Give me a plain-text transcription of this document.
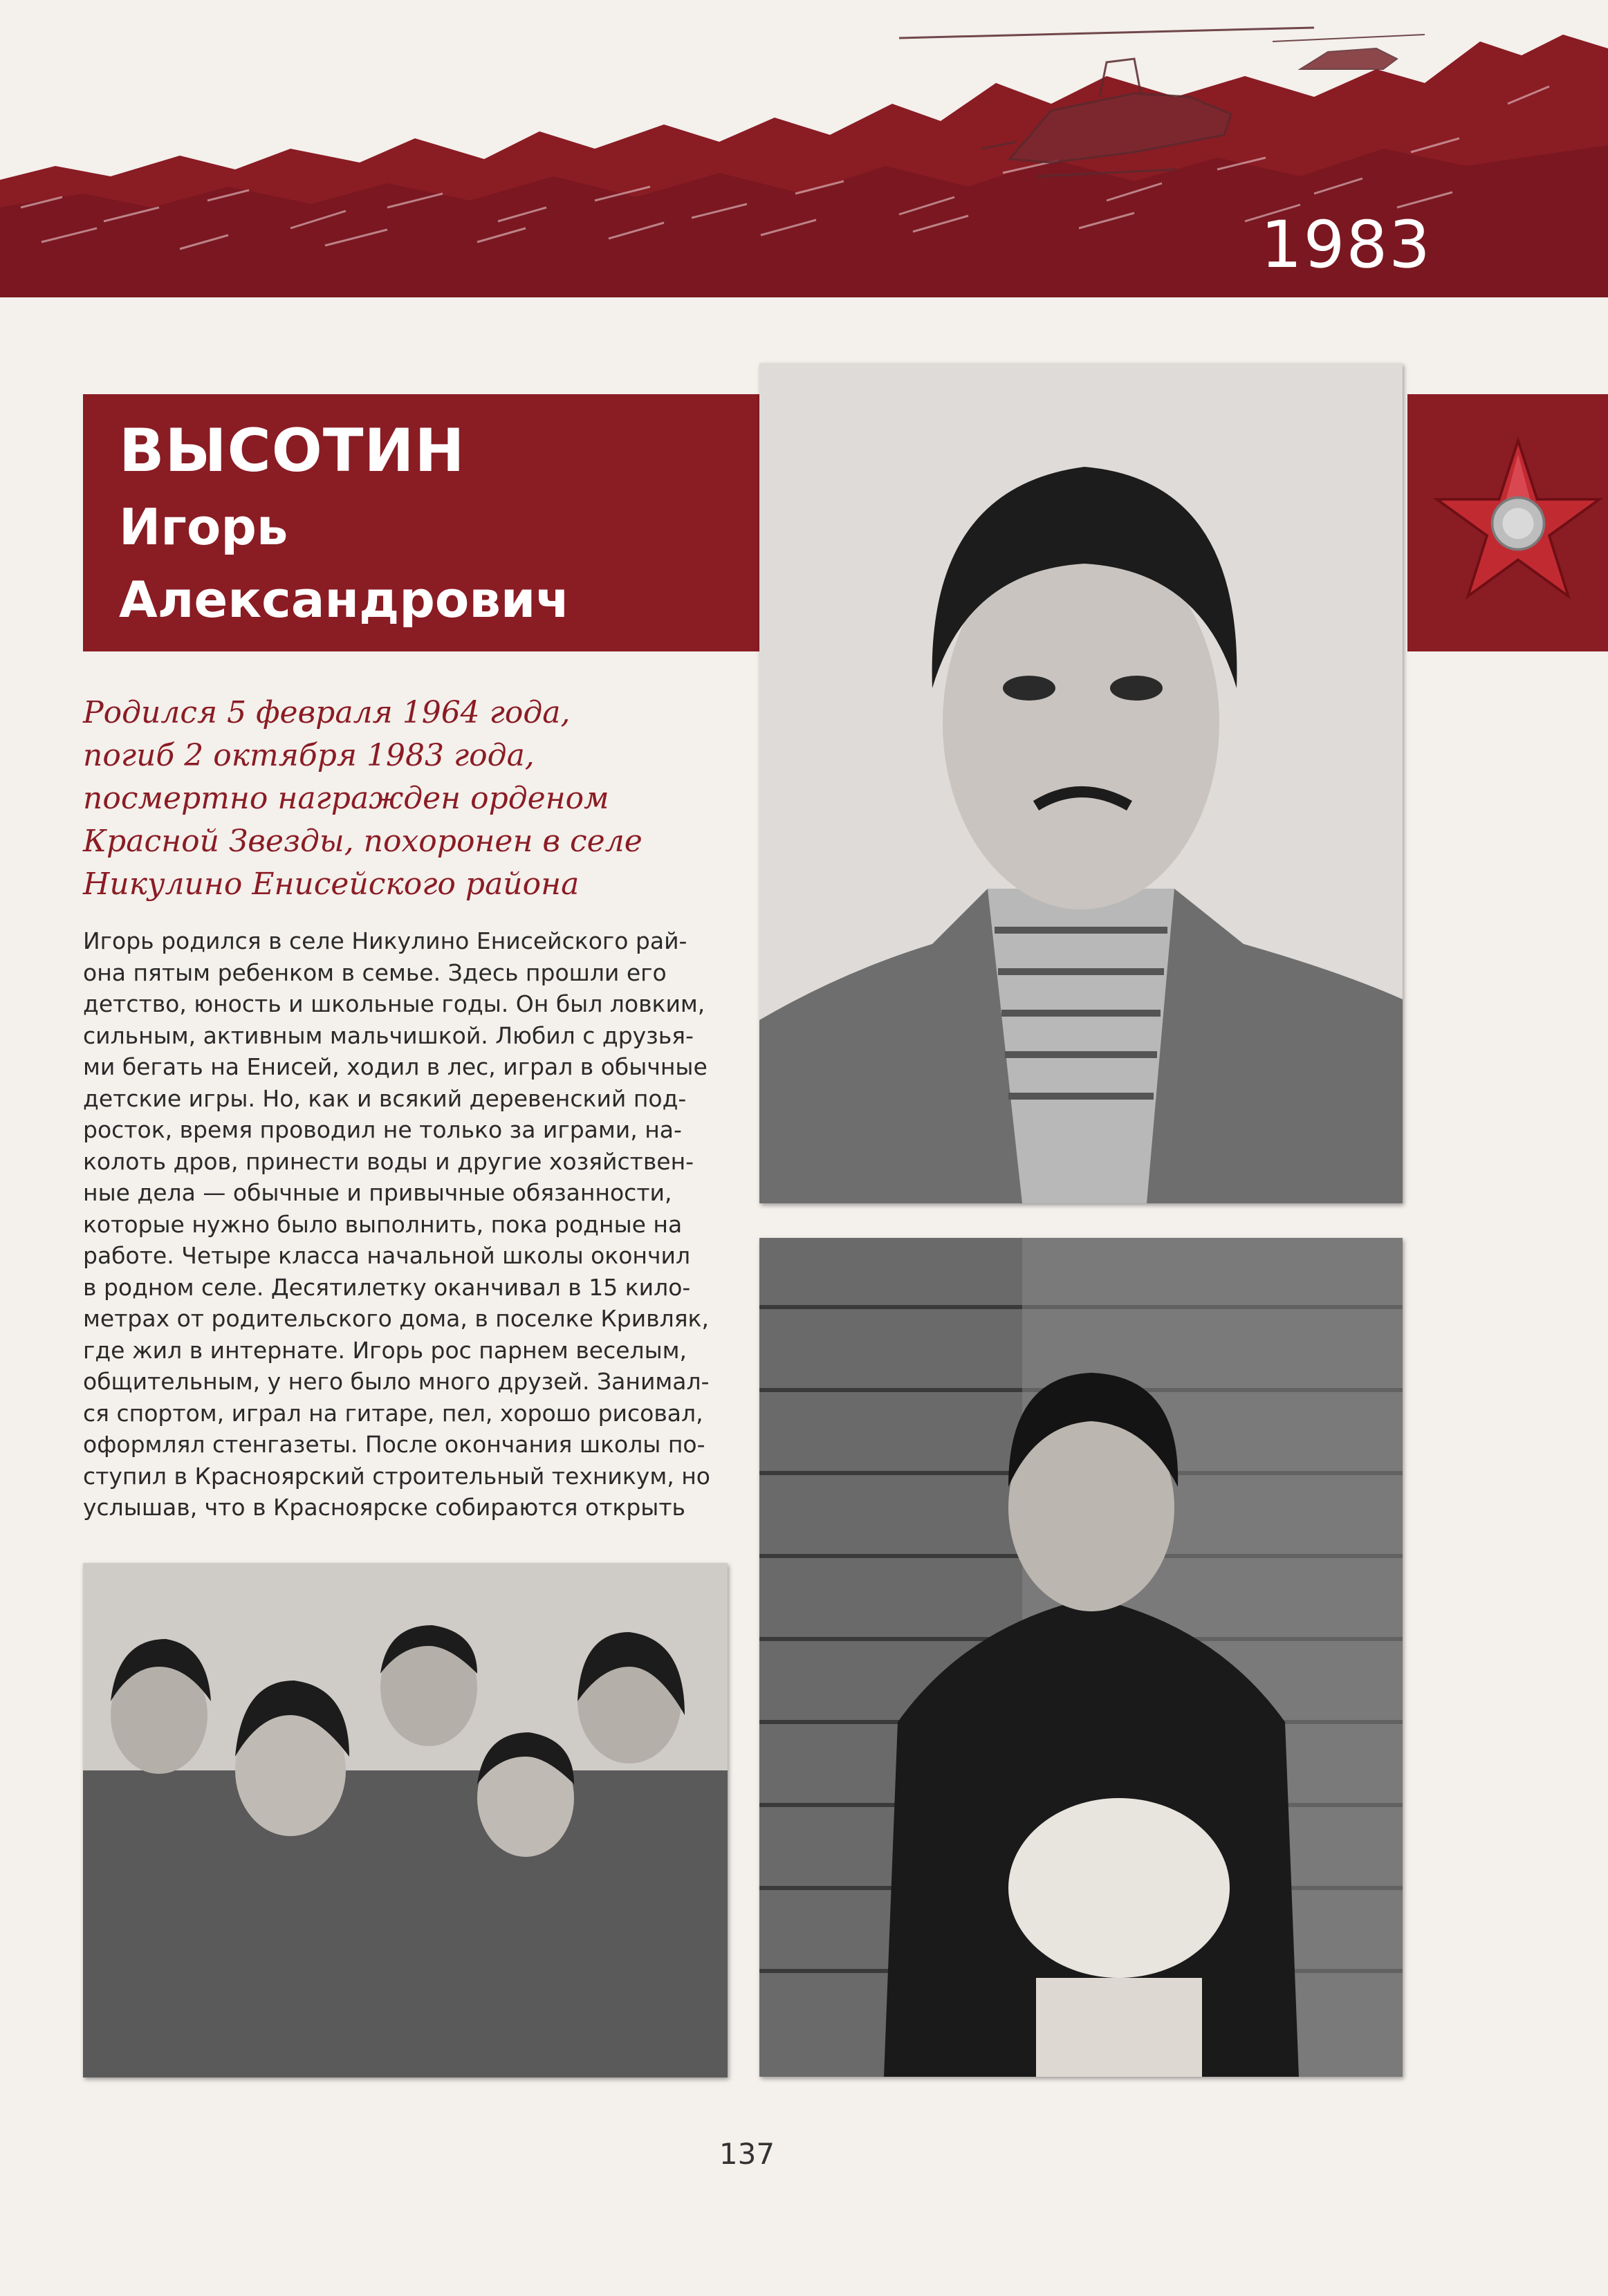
1983
ВЫСОТИН
Игорь
Александрович
Родился 5 февраля 1964 года,
погиб 2 октября 1983 года,
посмертно награжден орденом
Красной Звезды, похоронен в селе
Никулино Енисейского района
Игорь родился в селе Никулино Енисейского рай-
она пятым ребенком в семье. Здесь прошли его
детство, юность и школьные годы. Он был ловким,
сильным, активным мальчишкой. Любил с друзья-
ми бегать на Енисей, ходил в лес, играл в обычные
детские игры. Но, как и всякий деревенский под-
росток, время проводил не только за играми, на-
колоть дров, принести воды и другие хозяйствен-
ные дела — обычные и привычные обязанности,
которые нужно было выполнить, пока родные на
работе. Четыре класса начальной школы окончил
в родном селе. Десятилетку оканчивал в 15 кило-
метрах от родительского дома, в поселке Кривляк,
где жил в интернате. Игорь рос парнем веселым,
общительным, у него было много друзей. Занимал-
ся спортом, играл на гитаре, пел, хорошо рисовал,
оформлял стенгазеты. После окончания школы по-
ступил в Красноярский строительный техникум, но
услышав, что в Красноярске собираются открыть
137
